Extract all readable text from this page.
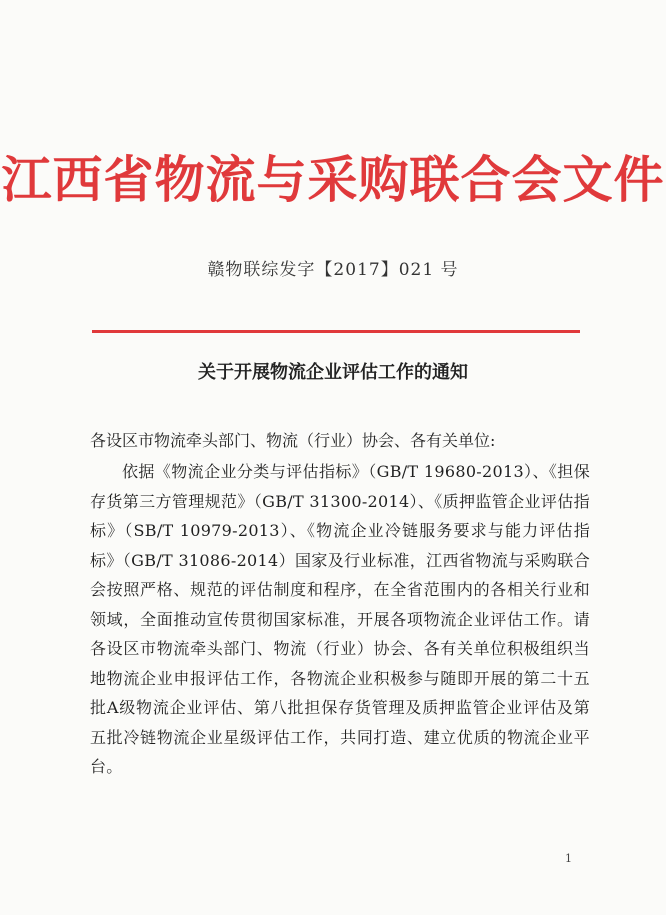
江西省物流与采购联合会文件
赣物联综发字【2017】021 号
关于开展物流企业评估工作的通知
各设区市物流牵头部门、物流（行业）协会、各有关单位:
依据《物流企业分类与评估指标》（GB/T 19680-2013）、《担保存货第三方管理规范》（GB/T 31300-2014）、《质押监管企业评估指标》（SB/T 10979-2013）、《物流企业冷链服务要求与能力评估指标》（GB/T 31086-2014）国家及行业标准，江西省物流与采购联合会按照严格、规范的评估制度和程序，在全省范围内的各相关行业和领域，全面推动宣传贯彻国家标准，开展各项物流企业评估工作。请各设区市物流牵头部门、物流（行业）协会、各有关单位积极组织当地物流企业申报评估工作，各物流企业积极参与随即开展的第二十五批A级物流企业评估、第八批担保存货管理及质押监管企业评估及第五批冷链物流企业星级评估工作，共同打造、建立优质的物流企业平台。
1
